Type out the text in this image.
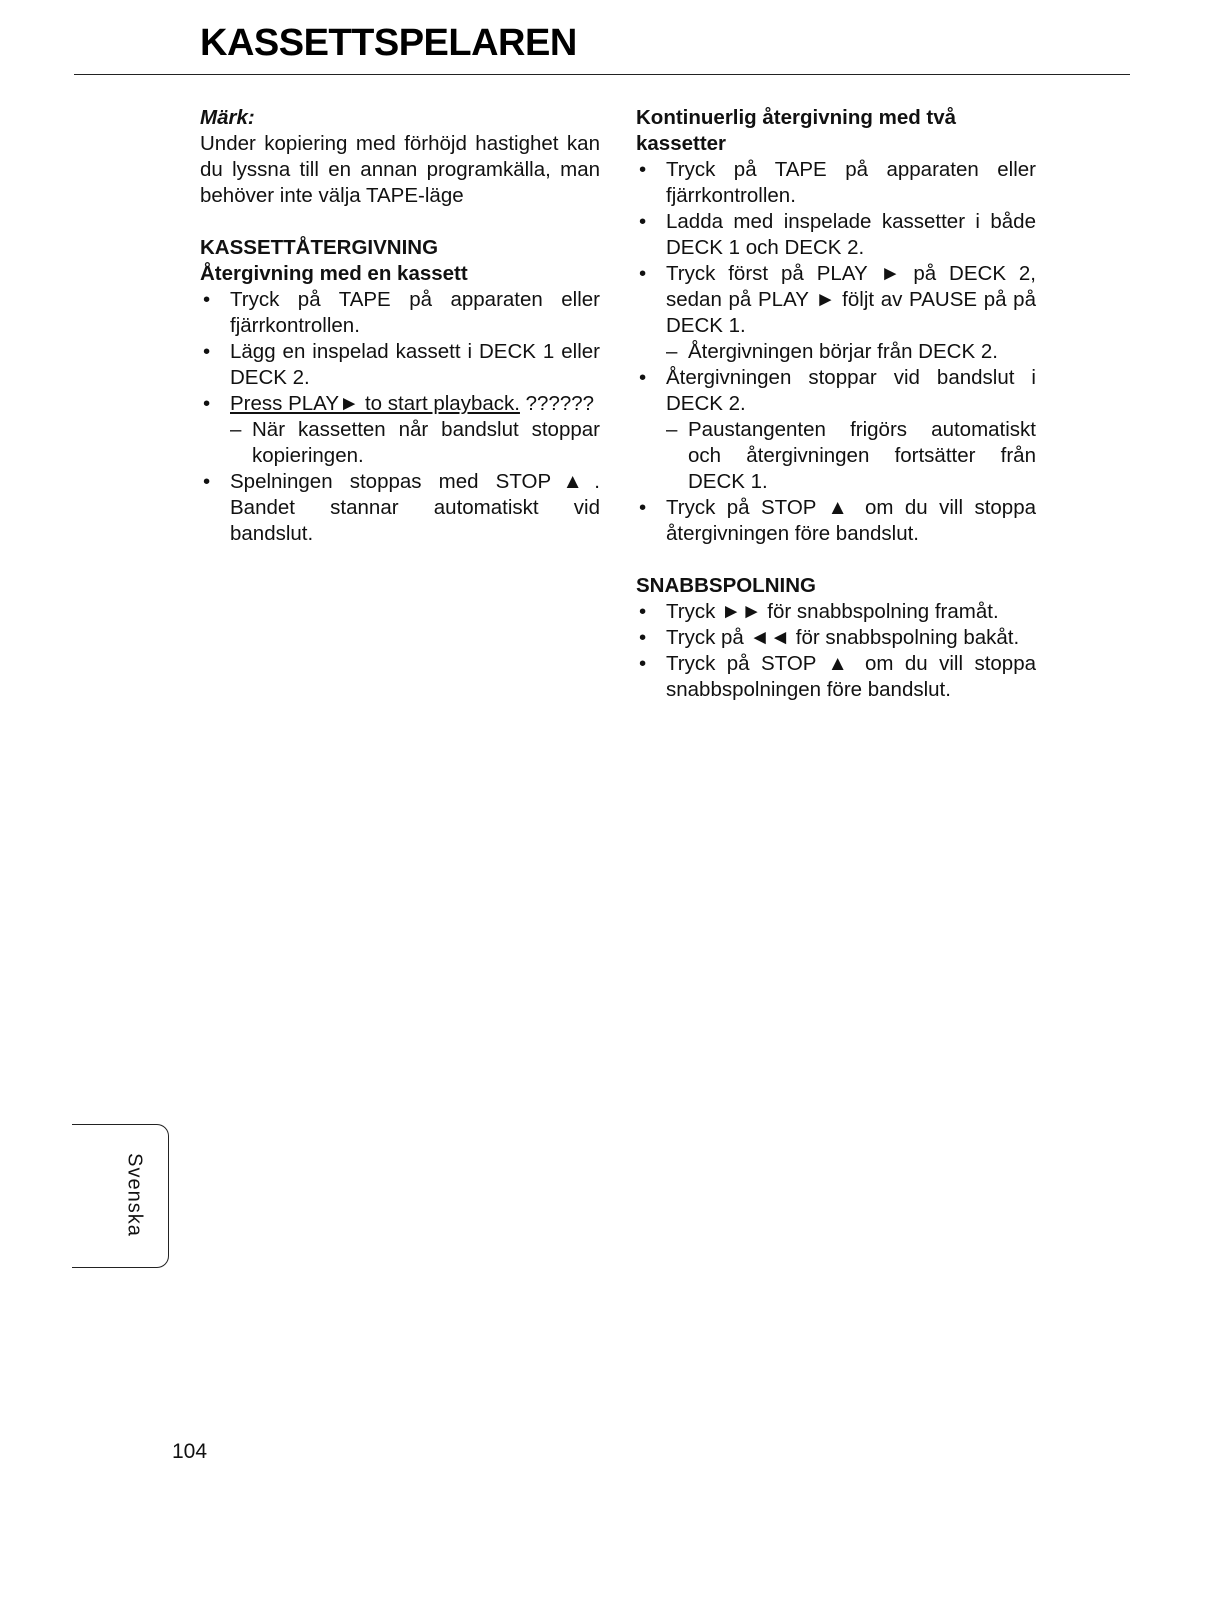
KASSETTSPELAREN
Märk:
Under kopiering med förhöjd hastighet kan du lyssna till en annan programkälla, man behöver inte välja TAPE-läge
KASSETTÅTERGIVNING
Återgivning med en kassett
• Tryck på TAPE på apparaten eller fjärrkontrollen.
• Lägg en inspelad kassett i DECK 1 eller DECK 2.
• Press PLAY► to start playback. ??????
– När kassetten når bandslut stoppar kopieringen.
• Spelningen stoppas med STOP▲. Bandet stannar automatiskt vid bandslut.
Kontinuerlig återgivning med två kassetter
• Tryck på TAPE på apparaten eller fjärrkontrollen.
• Ladda med inspelade kassetter i både DECK 1 och DECK 2.
• Tryck först på PLAY ► på DECK 2, sedan på PLAY ► följt av PAUSE på på DECK 1.
– Återgivningen börjar från DECK 2.
• Återgivningen stoppar vid bandslut i DECK 2.
– Paustangenten frigörs automatiskt och återgivningen fortsätter från DECK 1.
• Tryck på STOP ▲ om du vill stoppa återgivningen före bandslut.
SNABBSPOLNING
• Tryck ►► för snabbspolning framåt.
• Tryck på ◄◄ för snabbspolning bakåt.
• Tryck på STOP ▲ om du vill stoppa snabbspolningen före bandslut.
Svenska
104
